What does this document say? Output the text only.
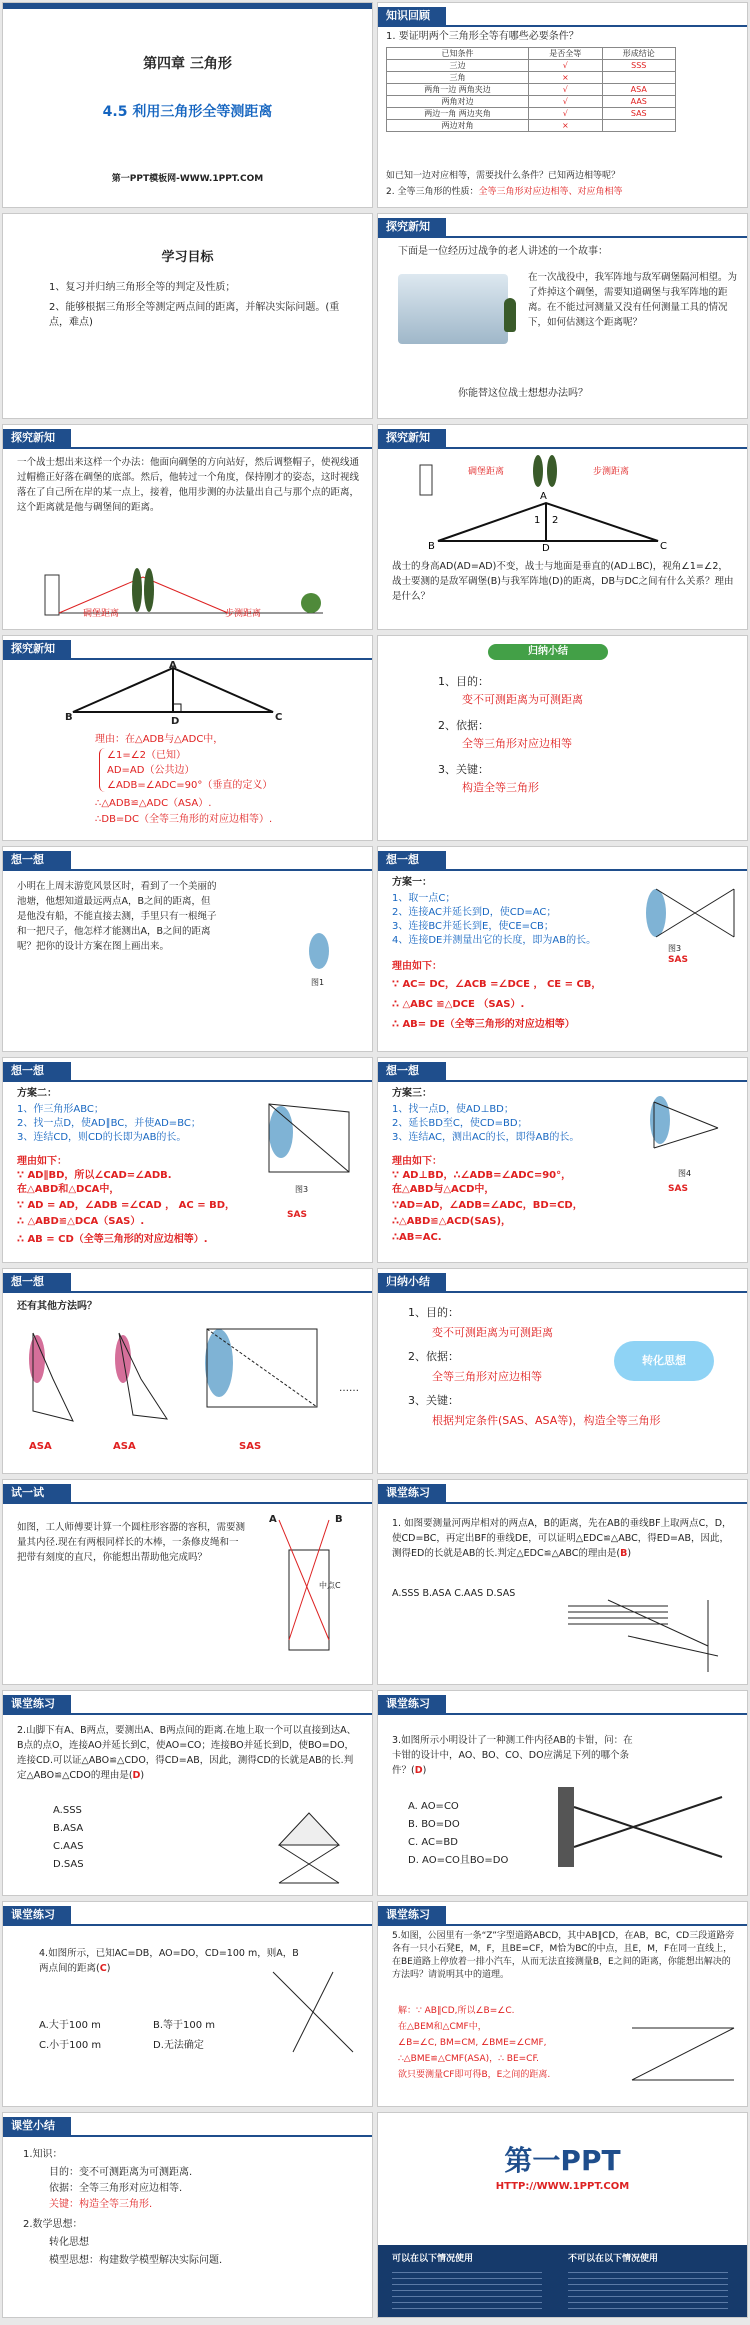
第四章 三角形
4.5 利用三角形全等测距离
第一PPT模板网-WWW.1PPT.COM
知识回顾
1. 要证明两个三角形全等有哪些必要条件？
已知条件	是否全等	形成结论
三边	√	SSS
三角	×	
两角一边 两角夹边	√	ASA
两角对边	√	AAS
两边一角 两边夹角	√	SAS
两边对角	×	
如已知一边对应相等，需要找什么条件？已知两边相等呢？
2. 全等三角形的性质：全等三角形对应边相等、对应角相等
学习目标
1、复习并归纳三角形全等的判定及性质；
2、能够根据三角形全等测定两点间的距离，并解决实际问题。(重点，难点)
探究新知
下面是一位经历过战争的老人讲述的一个故事：
在一次战役中，我军阵地与敌军碉堡隔河相望。为了炸掉这个碉堡，需要知道碉堡与我军阵地的距离。在不能过河测量又没有任何测量工具的情况下，如何估测这个距离呢？
你能替这位战士想想办法吗？
探究新知
一个战士想出来这样一个办法：他面向碉堡的方向站好，然后调整帽子，使视线通过帽檐正好落在碉堡的底部。然后，他转过一个角度，保持刚才的姿态，这时视线落在了自己所在岸的某一点上，接着，他用步测的办法量出自己与那个点的距离，这个距离就是他与碉堡间的距离。
碉堡距离	步测距离
探究新知
A
B	D	C
1 2
碉堡距离	步测距离
战士的身高AD(AD=AD)不变，战士与地面是垂直的(AD⊥BC)，视角∠1=∠2，战士要测的是敌军碉堡(B)与我军阵地(D)的距离，DB与DC之间有什么关系？理由是什么？
探究新知
A
B	D	C
理由：在△ADB与△ADC中，
∠1=∠2（已知）
AD=AD（公共边）
∠ADB=∠ADC=90°（垂直的定义）
∴△ADB≌△ADC（ASA）.
∴DB=DC（全等三角形的对应边相等）.
归纳小结
1、目的：
变不可测距离为可测距离
2、依据：
全等三角形对应边相等
3、关键：
构造全等三角形
想一想
小明在上周末游览风景区时，看到了一个美丽的池塘，他想知道最远两点A，B之间的距离，但是他没有船，不能直接去测，手里只有一根绳子和一把尺子，他怎样才能测出A，B之间的距离呢？把你的设计方案在图上画出来。
图1
想一想
方案一：
1、取一点C；
2、连接AC并延长到D，使CD=AC；
3、连接BC并延长到E，使CE=CB；
4、连接DE并测量出它的长度，即为AB的长。
理由如下：
∵ AC= DC，∠ACB =∠DCE ， CE = CB，
∴ △ABC ≌△DCE （SAS）.
∴ AB= DE（全等三角形的对应边相等）
图3
SAS
想一想
方案二：
1、作三角形ABC；
2、找一点D，使AD∥BC，并使AD=BC；
3、连结CD，则CD的长即为AB的长。
理由如下：
∵ AD∥BD，所以∠CAD=∠ADB.
在△ABD和△DCA中，
∵ AD = AD，∠ADB =∠CAD ， AC = BD，
∴ △ABD≌△DCA（SAS）.
∴ AB = CD（全等三角形的对应边相等）.
图3
SAS
想一想
方案三：
1、找一点D，使AD⊥BD；
2、延长BD至C，使CD=BD；
3、连结AC，测出AC的长，即得AB的长。
理由如下：
∵ AD⊥BD，∴∠ADB=∠ADC=90°，
在△ABD与△ACD中，
∵AD=AD，∠ADB=∠ADC，BD=CD，
∴△ABD≌△ACD(SAS)，
∴AB=AC.
图4
SAS
想一想
还有其他方法吗？
ASA	ASA	SAS
……
归纳小结
1、目的：
变不可测距离为可测距离
2、依据：
全等三角形对应边相等
3、关键：
根据判定条件(SAS、ASA等)，构造全等三角形
转化思想
试一试
如图，工人师傅要计算一个圆柱形容器的容积，需要测量其内径.现在有两根同样长的木棒，一条修皮绳和一把带有刻度的直尺，你能想出帮助他完成吗？
A	B
中点C
课堂练习
1. 如图要测量河两岸相对的两点A，B的距离，先在AB的垂线BF上取两点C，D，使CD=BC，再定出BF的垂线DE，可以证明△EDC≌△ABC，得ED=AB，因此，测得ED的长就是AB的长.判定△EDC≌△ABC的理由是(B)
A.SSS B.ASA C.AAS D.SAS
课堂练习
2.山脚下有A、B两点，要测出A、B两点间的距离.在地上取一个可以直接到达A、B点的点O，连接AO并延长到C，使AO=CO；连接BO并延长到D，使BO=DO，连接CD.可以证△ABO≌△CDO，得CD=AB，因此，测得CD的长就是AB的长.判定△ABO≌△CDO的理由是(D)
A.SSS
B.ASA
C.AAS
D.SAS
课堂练习
3.如图所示小明设计了一种测工件内径AB的卡钳，问：在卡钳的设计中，AO、BO、CO、DO应满足下列的哪个条件？(D)
A. AO=CO
B. BO=DO
C. AC=BD
D. AO=CO且BO=DO
课堂练习
4.如图所示，已知AC=DB，AO=DO，CD=100 m，则A，B两点间的距离(C)
A.大于100 m	B.等于100 m
C.小于100 m	D.无法确定
课堂练习
5.如图，公园里有一条“Z”字型道路ABCD，其中AB∥CD，在AB，BC，CD三段道路旁各有一只小石凳E，M，F，且BE=CF，M恰为BC的中点，且E，M，F在同一直线上，在BE道路上停放着一排小汽车，从而无法直接测量B，E之间的距离，你能想出解决的方法吗？请说明其中的道理。
解：∵ AB∥CD,所以∠B=∠C.
在△BEM和△CMF中，
∠B=∠C, BM=CM, ∠BME=∠CMF,
∴△BME≌△CMF(ASA)，∴ BE=CF.
欲只要测量CF即可得B，E之间的距离.
课堂小结
1.知识：
目的：变不可测距离为可测距离.
依据：全等三角形对应边相等.
关键：构造全等三角形.
2.数学思想：
转化思想
模型思想：构建数学模型解决实际问题.
第一PPT
HTTP://WWW.1PPT.COM
可以在以下情况使用	不可以在以下情况使用
